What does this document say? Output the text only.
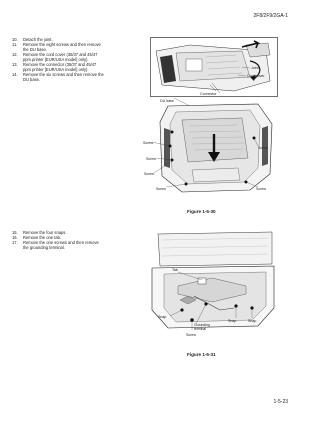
2F8/2F9/2GA-1
10.	Detach the joint.
11.	Remove the eight screws and then remove
the DU base.
12.	Remove the cord cover (35/37 and 45/47
ppm printer [EUR/USA model] only).
13.	Remove the connector (35/37 and 45/47
ppm printer [EUR/USA model] only).
14.	Remove the six screws and then remove the
DU base.
Joint
Cord cover
Connector
DU base
Screw
Screw
Screw
Screw
Screw
Screw
Figure 1-5-30
15.	Remove the four snaps.
16.	Remove the one tab.
17.	Remove the one screws and then remove
the grounding terminal.
Tab
Snap
Grounding
terminal
Snap	Snap
Screw
Figure 1-5-31
1-5-23
